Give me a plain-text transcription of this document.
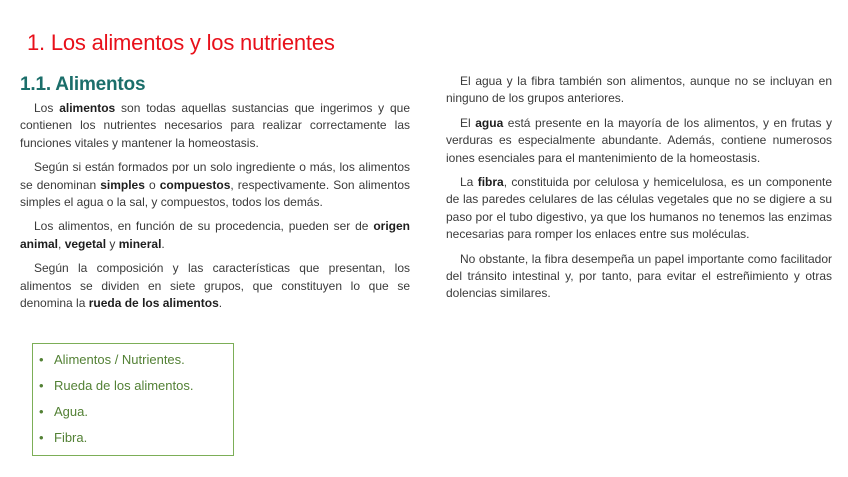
1. Los alimentos y los nutrientes
1.1. Alimentos

Los alimentos son todas aquellas sustancias que ingerimos y que contienen los nutrientes necesarios para realizar correctamente las funciones vitales y mantener la homeostasis.

Según si están formados por un solo ingrediente o más, los alimentos se denominan simples o compuestos, respectivamente. Son alimentos simples el agua o la sal, y compuestos, todos los demás.

Los alimentos, en función de su procedencia, pueden ser de origen animal, vegetal y mineral.

Según la composición y las características que presentan, los alimentos se dividen en siete grupos, que constituyen lo que se denomina la rueda de los alimentos.

El agua y la fibra también son alimentos, aunque no se incluyan en ninguno de los grupos anteriores.

El agua está presente en la mayoría de los alimentos, y en frutas y verduras es especialmente abundante. Además, contiene numerosos iones esenciales para el mantenimiento de la homeostasis.

La fibra, constituida por celulosa y hemicelulosa, es un componente de las paredes celulares de las células vegetales que no se digiere a su paso por el tubo digestivo, ya que los humanos no tenemos las enzimas necesarias para romper los enlaces entre sus moléculas.

No obstante, la fibra desempeña un papel importante como facilitador del tránsito intestinal y, por tanto, para evitar el estreñimiento y otras dolencias similares.

• Alimentos / Nutrientes.
• Rueda de los alimentos.
• Agua.
• Fibra.
